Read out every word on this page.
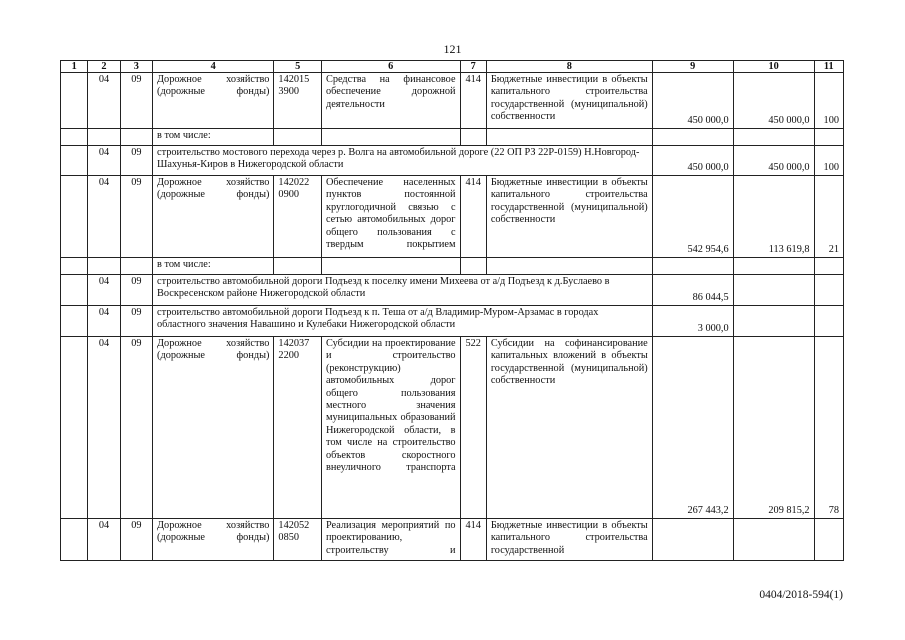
121
1	2	3	4	5	6	7	8	9	10	11
	04	09	Дорожное хозяйство (дорожные фонды)	142015 3900	Средства на финансовое обеспечение дорожной деятельности	414	Бюджетные инвестиции в объекты капитального строительства государственной (муниципальной) собственности	450 000,0	450 000,0	100
			в том числе:							
	04	09	строительство мостового перехода через р. Волга на автомобильной дороге (22 ОП РЗ 22Р-0159) Н.Новгород-Шахунья-Киров в Нижегородской области					450 000,0	450 000,0	100
	04	09	Дорожное хозяйство (дорожные фонды)	142022 0900	Обеспечение населенных пунктов постоянной круглогодичной связью с сетью автомобильных дорог общего пользования с твердым покрытием	414	Бюджетные инвестиции в объекты капитального строительства государственной (муниципальной) собственности	542 954,6	113 619,8	21
			в том числе:							
	04	09	строительство автомобильной дороги Подъезд к поселку имени Михеева от а/д Подъезд к д.Буслаево в Воскресенском районе Нижегородской области					86 044,5		
	04	09	строительство автомобильной дороги Подъезд к п. Теша от а/д Владимир-Муром-Арзамас в городах областного значения Навашино и Кулебаки Нижегородской области					3 000,0		
	04	09	Дорожное хозяйство (дорожные фонды)	142037 2200	Субсидии на проектирование и строительство (реконструкцию) автомобильных дорог общего пользования местного значения муниципальных образований Нижегородской области, в том числе на строительство объектов скоростного внеуличного транспорта	522	Субсидии на софинансирование капитальных вложений в объекты государственной (муниципальной) собственности	267 443,2	209 815,2	78
	04	09	Дорожное хозяйство (дорожные фонды)	142052 0850	Реализация мероприятий по проектированию, строительству и	414	Бюджетные инвестиции в объекты капитального строительства государственной			
0404/2018-594(1)
